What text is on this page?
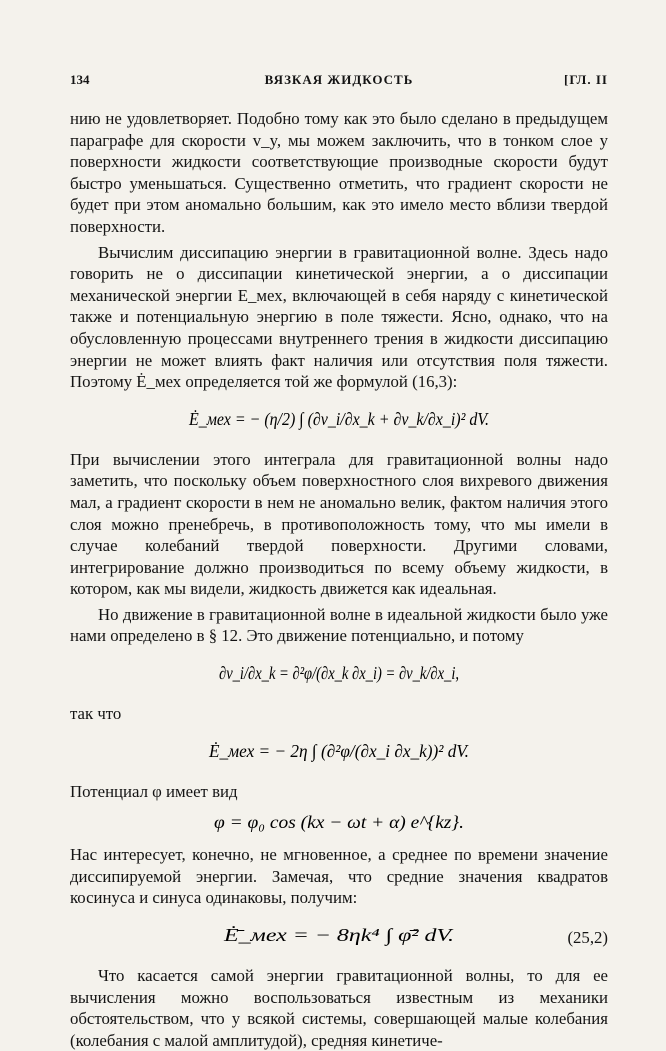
134	ВЯЗКАЯ ЖИДКОСТЬ	[ГЛ. II

нию не удовлетворяет. Подобно тому как это было сделано в предыдущем параграфе для скорости v_y, мы можем заключить, что в тонком слое у поверхности жидкости соответствующие производные скорости будут быстро уменьшаться. Существенно отметить, что градиент скорости не будет при этом аномально большим, как это имело место вблизи твердой поверхности.

Вычислим диссипацию энергии в гравитационной волне. Здесь надо говорить не о диссипации кинетической энергии, а о диссипации механической энергии E_мех, включающей в себя наряду с кинетической также и потенциальную энергию в поле тяжести. Ясно, однако, что на обусловленную процессами внутреннего трения в жидкости диссипацию энергии не может влиять факт наличия или отсутствия поля тяжести. Поэтому Ė_мех определяется той же формулой (16,3):

Ė_мех = − (η/2) ∫ (∂v_i/∂x_k + ∂v_k/∂x_i)² dV.

При вычислении этого интеграла для гравитационной волны надо заметить, что поскольку объем поверхностного слоя вихревого движения мал, а градиент скорости в нем не аномально велик, фактом наличия этого слоя можно пренебречь, в противоположность тому, что мы имели в случае колебаний твердой поверхности. Другими словами, интегрирование должно производиться по всему объему жидкости, в котором, как мы видели, жидкость движется как идеальная.

Но движение в гравитационной волне в идеальной жидкости было уже нами определено в § 12. Это движение потенциально, и потому

∂v_i/∂x_k = ∂²φ/(∂x_k ∂x_i) = ∂v_k/∂x_i,

так что

Ė_мех = − 2η ∫ (∂²φ/(∂x_i ∂x_k))² dV.

Потенциал φ имеет вид

φ = φ₀ cos (kx − ωt + α) e^{kz}.

Нас интересует, конечно, не мгновенное, а среднее по времени значение диссипируемой энергии. Замечая, что средние значения квадратов косинуса и синуса одинаковы, получим:

Ė̄_мех = − 8ηk⁴ ∫ φ̄² dV.	(25,2)

Что касается самой энергии гравитационной волны, то для ее вычисления можно воспользоваться известным из механики обстоятельством, что у всякой системы, совершающей малые колебания (колебания с малой амплитудой), средняя кинетиче-
